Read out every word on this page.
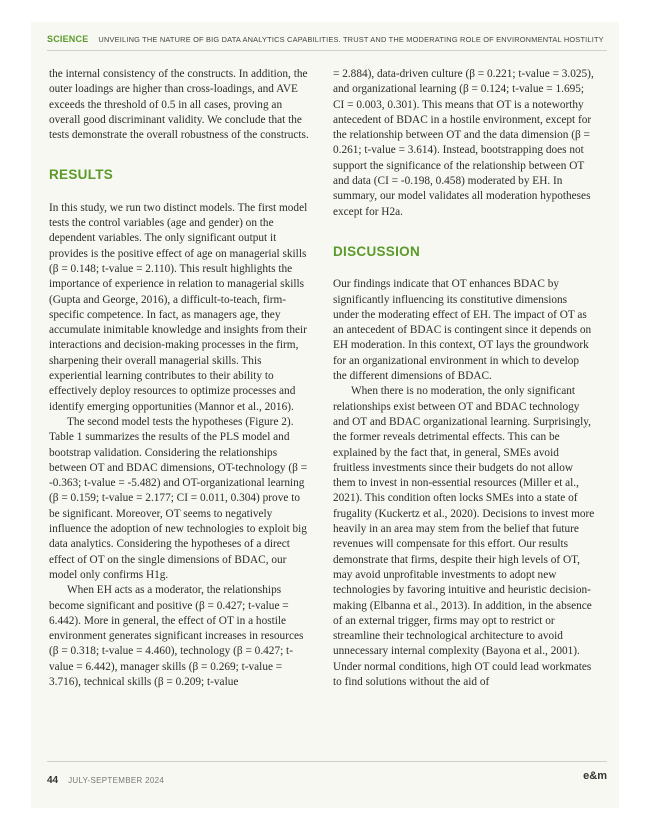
SCIENCE UNVEILING THE NATURE OF BIG DATA ANALYTICS CAPABILITIES. TRUST AND THE MODERATING ROLE OF ENVIRONMENTAL HOSTILITY

the internal consistency of the constructs. In addition, the outer loadings are higher than cross-loadings, and AVE exceeds the threshold of 0.5 in all cases, proving an overall good discriminant validity. We conclude that the tests demonstrate the overall robustness of the constructs.

RESULTS

In this study, we run two distinct models. The first model tests the control variables (age and gender) on the dependent variables. The only significant output it provides is the positive effect of age on managerial skills (β = 0.148; t-value = 2.110). This result highlights the importance of experience in relation to managerial skills (Gupta and George, 2016), a difficult-to-teach, firm-specific competence. In fact, as managers age, they accumulate inimitable knowledge and insights from their interactions and decision-making processes in the firm, sharpening their overall managerial skills. This experiential learning contributes to their ability to effectively deploy resources to optimize processes and identify emerging opportunities (Mannor et al., 2016).

The second model tests the hypotheses (Figure 2). Table 1 summarizes the results of the PLS model and bootstrap validation. Considering the relationships between OT and BDAC dimensions, OT-technology (β = -0.363; t-value = -5.482) and OT-organizational learning (β = 0.159; t-value = 2.177; CI = 0.011, 0.304) prove to be significant. Moreover, OT seems to negatively influence the adoption of new technologies to exploit big data analytics. Considering the hypotheses of a direct effect of OT on the single dimensions of BDAC, our model only confirms H1g.

When EH acts as a moderator, the relationships become significant and positive (β = 0.427; t-value = 6.442). More in general, the effect of OT in a hostile environment generates significant increases in resources (β = 0.318; t-value = 4.460), technology (β = 0.427; t-value = 6.442), manager skills (β = 0.269; t-value = 3.716), technical skills (β = 0.209; t-value

= 2.884), data-driven culture (β = 0.221; t-value = 3.025), and organizational learning (β = 0.124; t-value = 1.695; CI = 0.003, 0.301). This means that OT is a noteworthy antecedent of BDAC in a hostile environment, except for the relationship between OT and the data dimension (β = 0.261; t-value = 3.614). Instead, bootstrapping does not support the significance of the relationship between OT and data (CI = -0.198, 0.458) moderated by EH. In summary, our model validates all moderation hypotheses except for H2a.

DISCUSSION

Our findings indicate that OT enhances BDAC by significantly influencing its constitutive dimensions under the moderating effect of EH. The impact of OT as an antecedent of BDAC is contingent since it depends on EH moderation. In this context, OT lays the groundwork for an organizational environment in which to develop the different dimensions of BDAC.

When there is no moderation, the only significant relationships exist between OT and BDAC technology and OT and BDAC organizational learning. Surprisingly, the former reveals detrimental effects. This can be explained by the fact that, in general, SMEs avoid fruitless investments since their budgets do not allow them to invest in non-essential resources (Miller et al., 2021). This condition often locks SMEs into a state of frugality (Kuckertz et al., 2020). Decisions to invest more heavily in an area may stem from the belief that future revenues will compensate for this effort. Our results demonstrate that firms, despite their high levels of OT, may avoid unprofitable investments to adopt new technologies by favoring intuitive and heuristic decision-making (Elbanna et al., 2013). In addition, in the absence of an external trigger, firms may opt to restrict or streamline their technological architecture to avoid unnecessary internal complexity (Bayona et al., 2001). Under normal conditions, high OT could lead workmates to find solutions without the aid of

44 JULY-SEPTEMBER 2024	e&m
